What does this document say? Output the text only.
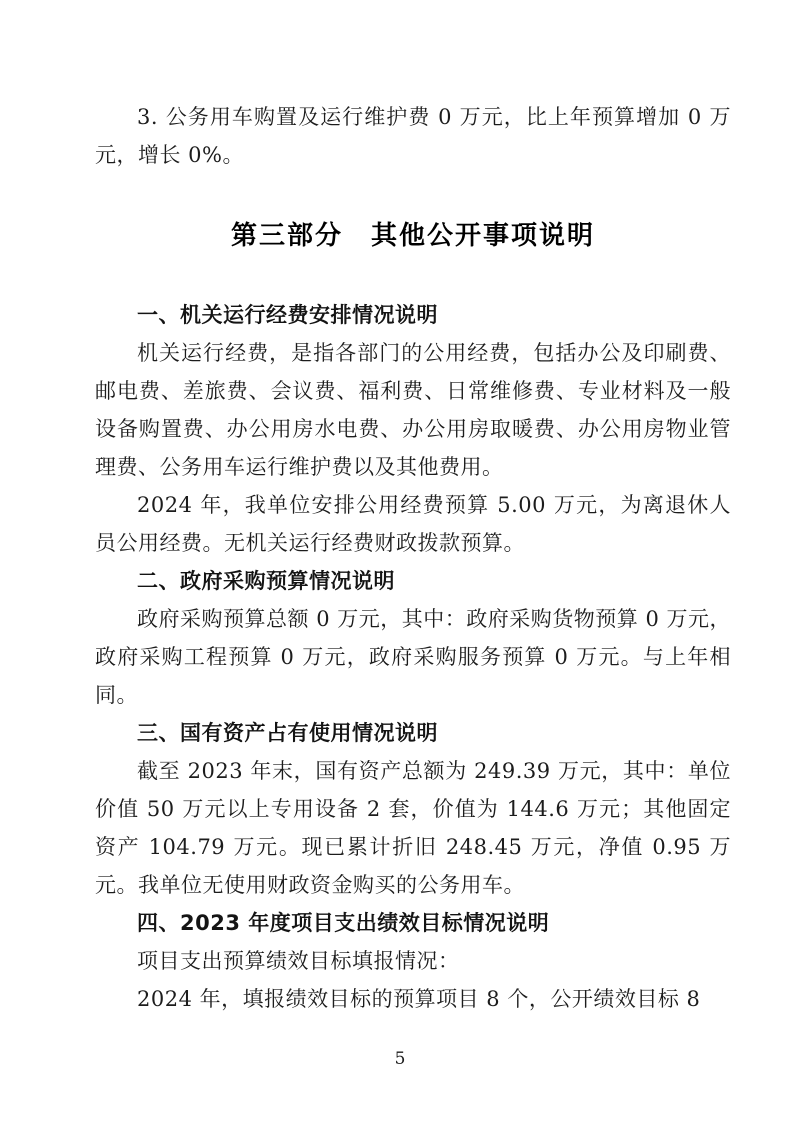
3. 公务用车购置及运行维护费 0 万元，比上年预算增加 0 万元，增长 0%。

第三部分　其他公开事项说明
一、机关运行经费安排情况说明

机关运行经费，是指各部门的公用经费，包括办公及印刷费、邮电费、差旅费、会议费、福利费、日常维修费、专业材料及一般设备购置费、办公用房水电费、办公用房取暖费、办公用房物业管理费、公务用车运行维护费以及其他费用。

2024 年，我单位安排公用经费预算 5.00 万元，为离退休人员公用经费。无机关运行经费财政拨款预算。

二、政府采购预算情况说明

政府采购预算总额 0 万元，其中：政府采购货物预算 0 万元，政府采购工程预算 0 万元，政府采购服务预算 0 万元。与上年相同。

三、国有资产占有使用情况说明

截至 2023 年末，国有资产总额为 249.39 万元，其中：单位价值 50 万元以上专用设备 2 套，价值为 144.6 万元；其他固定资产 104.79 万元。现已累计折旧 248.45 万元，净值 0.95 万元。我单位无使用财政资金购买的公务用车。

四、2023 年度项目支出绩效目标情况说明

项目支出预算绩效目标填报情况：

2024 年，填报绩效目标的预算项目 8 个，公开绩效目标 8

5
